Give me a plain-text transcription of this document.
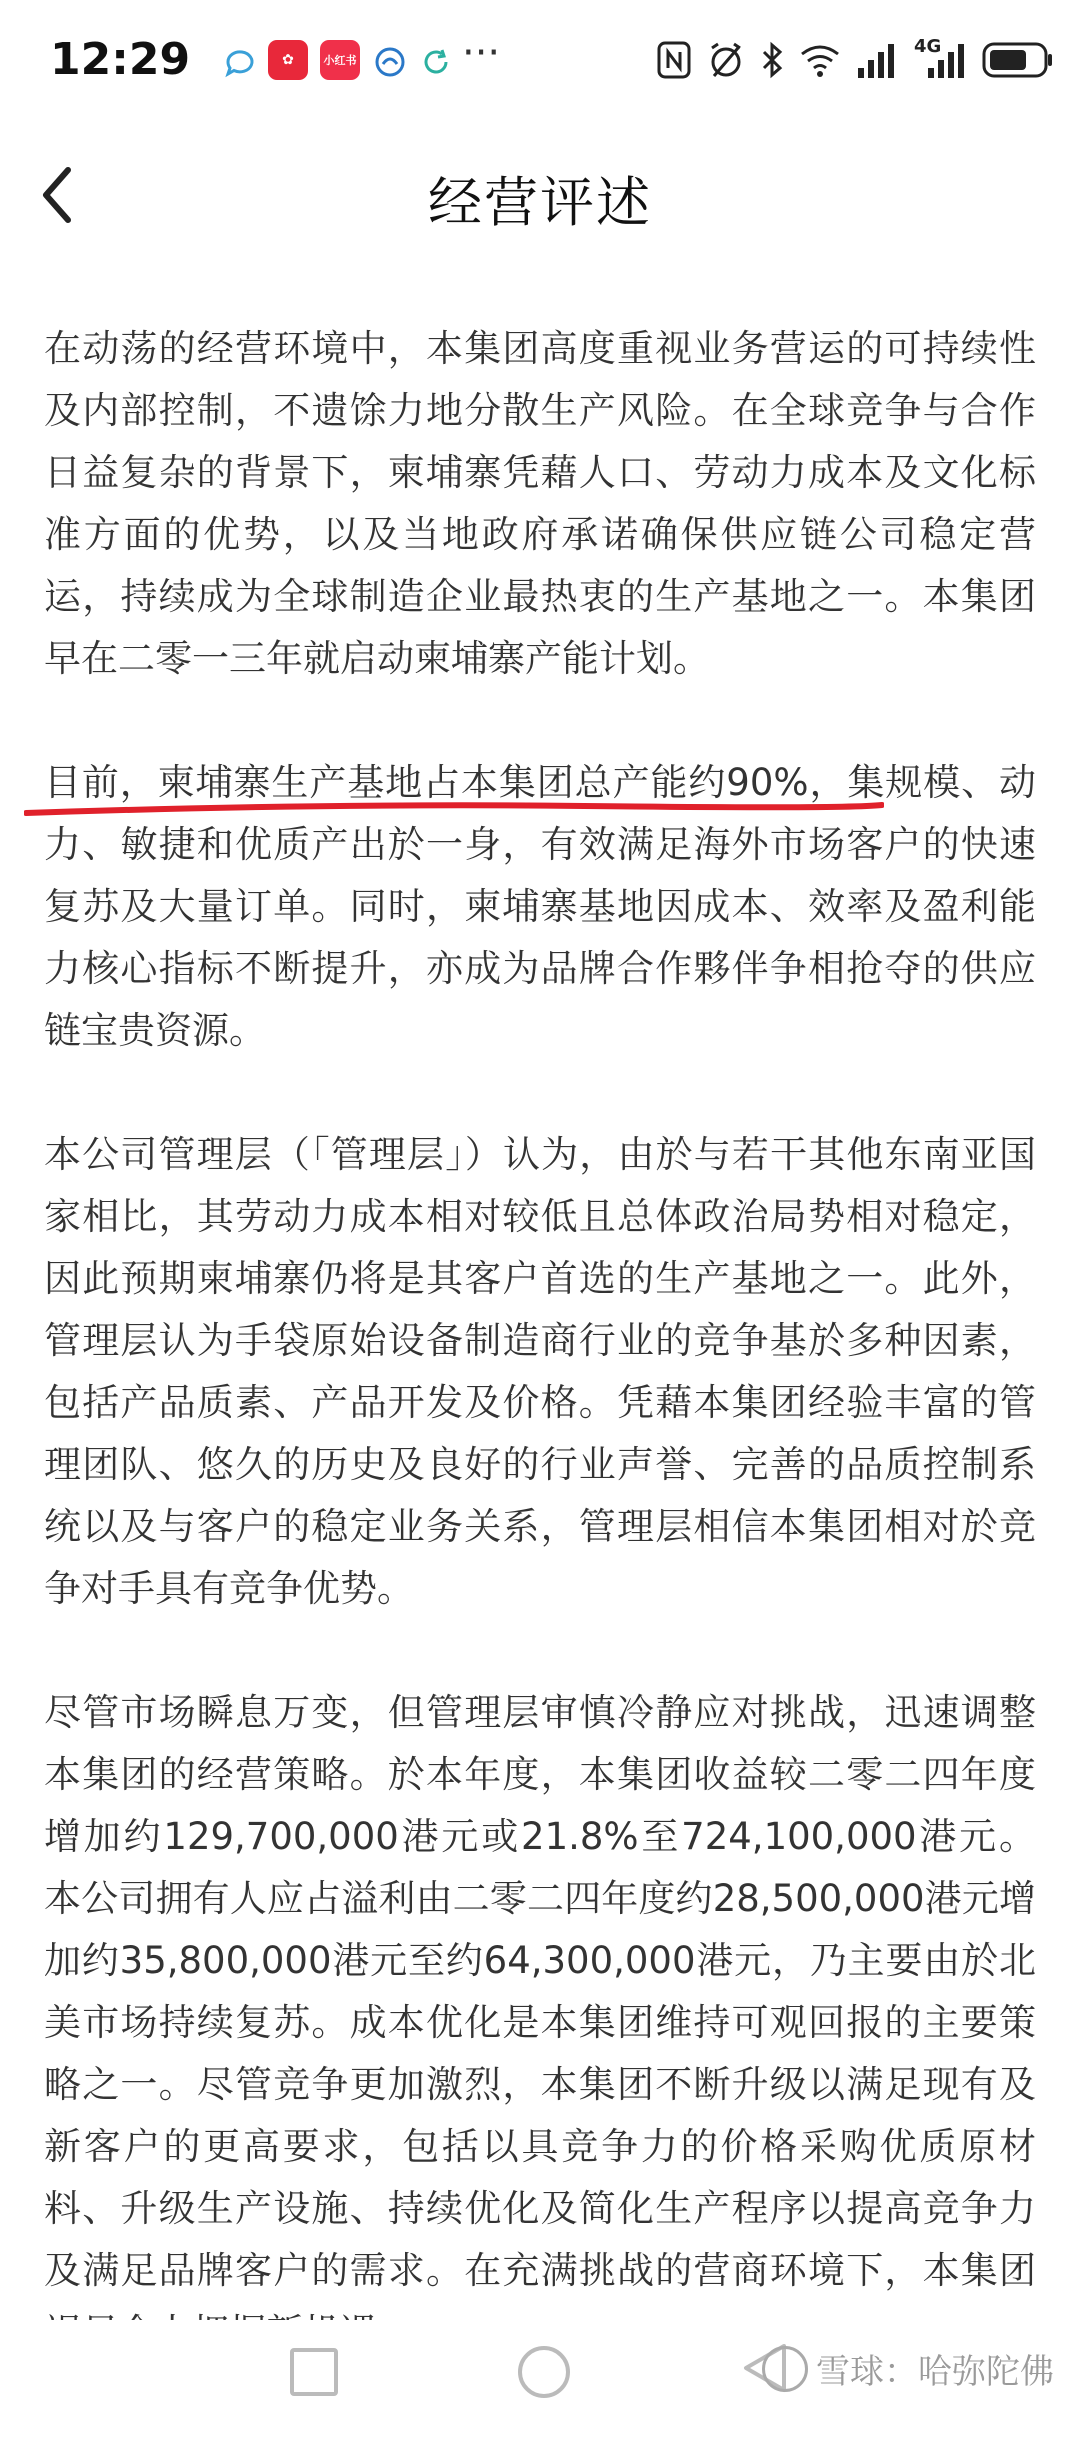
12:29	✿	小红书	···	4G
经营评述

在动荡的经营环境中，本集团高度重视业务营运的可持续性及内部控制，不遗馀力地分散生产风险。在全球竞争与合作日益复杂的背景下，柬埔寨凭藉人口、劳动力成本及文化标准方面的优势，以及当地政府承诺确保供应链公司稳定营运，持续成为全球制造企业最热衷的生产基地之一。本集团早在二零一三年就启动柬埔寨产能计划。

目前，柬埔寨生产基地占本集团总产能约90%，集规模、动力、敏捷和优质产出於一身，有效满足海外市场客户的快速复苏及大量订单。同时，柬埔寨基地因成本、效率及盈利能力核心指标不断提升，亦成为品牌合作夥伴争相抢夺的供应链宝贵资源。

本公司管理层（「管理层」）认为，由於与若干其他东南亚国家相比，其劳动力成本相对较低且总体政治局势相对稳定，因此预期柬埔寨仍将是其客户首选的生产基地之一。此外，管理层认为手袋原始设备制造商行业的竞争基於多种因素，包括产品质素、产品开发及价格。凭藉本集团经验丰富的管理团队、悠久的历史及良好的行业声誉、完善的品质控制系统以及与客户的稳定业务关系，管理层相信本集团相对於竞争对手具有竞争优势。

尽管市场瞬息万变，但管理层审慎冷静应对挑战，迅速调整本集团的经营策略。於本年度，本集团收益较二零二四年度增加约129,700,000港元或21.8%至724,100,000港元。本公司拥有人应占溢利由二零二四年度约28,500,000港元增加约35,800,000港元至约64,300,000港元，乃主要由於北美市场持续复苏。成本优化是本集团维持可观回报的主要策略之一。尽管竞争更加激烈，本集团不断升级以满足现有及新客户的更高要求，包括以具竞争力的价格采购优质原材料、升级生产设施、持续优化及简化生产程序以提高竞争力及满足品牌客户的需求。在充满挑战的营商环境下，本集团

雪球：哈弥陀佛
